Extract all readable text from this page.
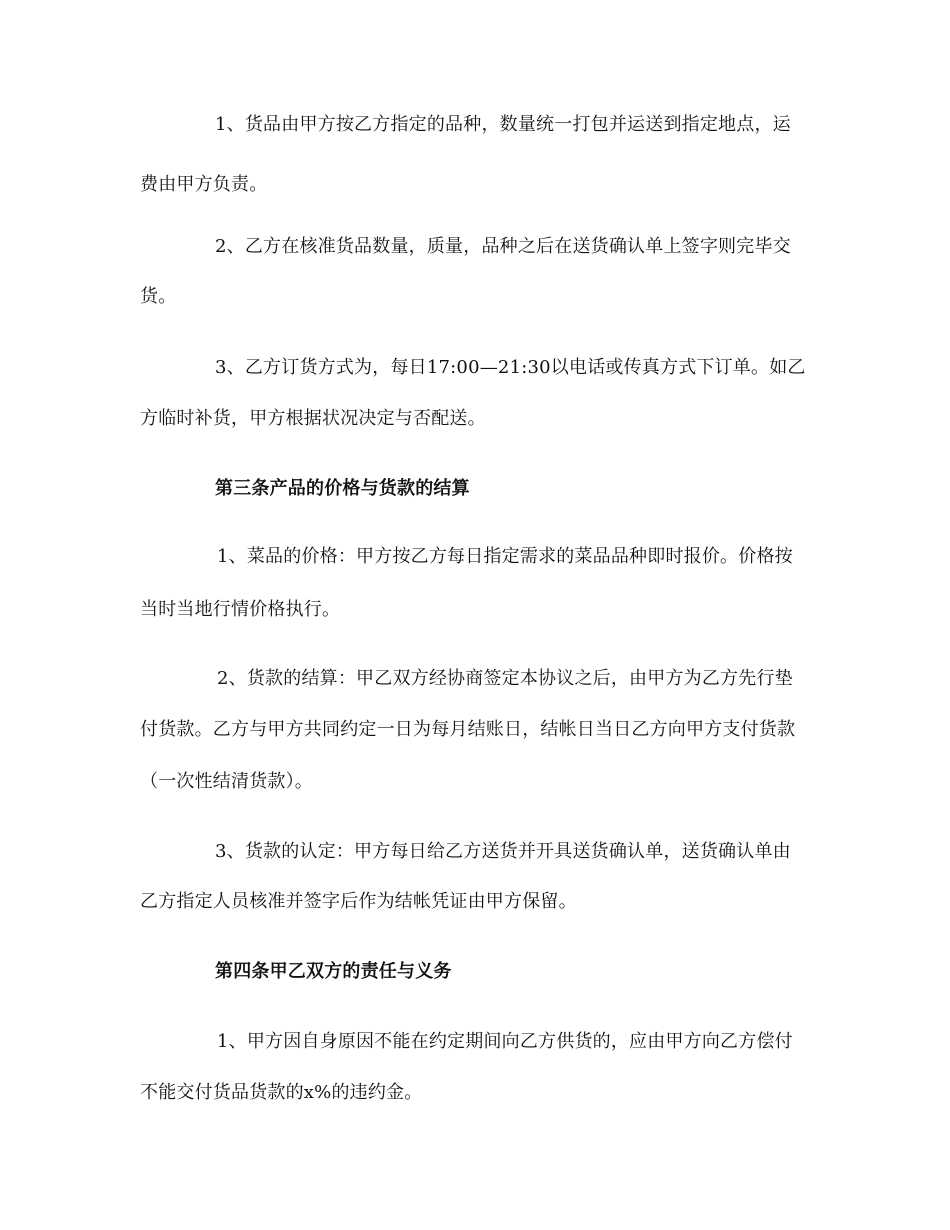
1、货品由甲方按乙方指定的品种，数量统一打包并运送到指定地点，运
费由甲方负责。
2、乙方在核准货品数量，质量，品种之后在送货确认单上签字则完毕交
货。
3、乙方订货方式为，每日17:00—21:30以电话或传真方式下订单。如乙
方临时补货，甲方根据状况决定与否配送。
第三条产品的价格与货款的结算
1、菜品的价格：甲方按乙方每日指定需求的菜品品种即时报价。价格按
当时当地行情价格执行。
2、货款的结算：甲乙双方经协商签定本协议之后，由甲方为乙方先行垫
付货款。乙方与甲方共同约定一日为每月结账日，结帐日当日乙方向甲方支付货款
（一次性结清货款）。
3、货款的认定：甲方每日给乙方送货并开具送货确认单，送货确认单由
乙方指定人员核准并签字后作为结帐凭证由甲方保留。
第四条甲乙双方的责任与义务
1、甲方因自身原因不能在约定期间向乙方供货的，应由甲方向乙方偿付
不能交付货品货款的x%的违约金。
